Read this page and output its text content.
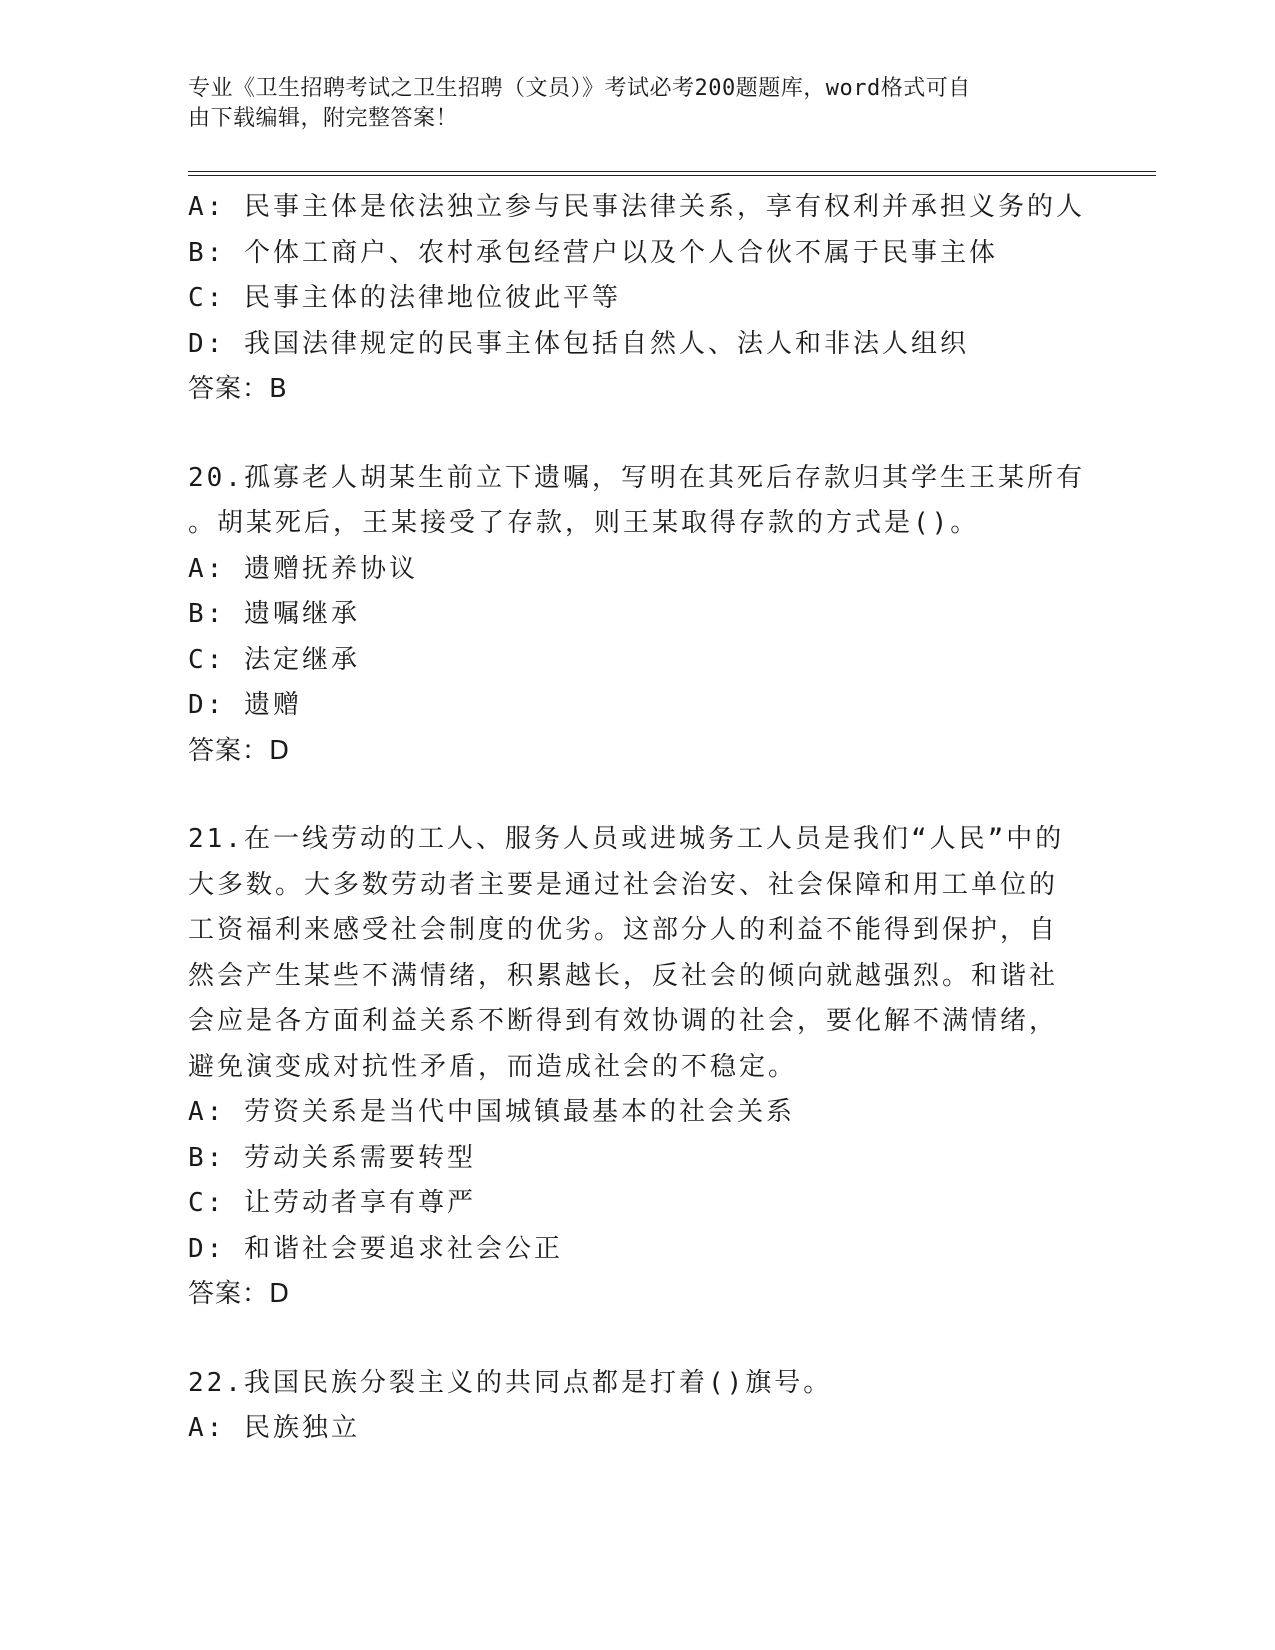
专业《卫生招聘考试之卫生招聘（文员）》考试必考200题题库，word格式可自
由下载编辑，附完整答案！
A: 民事主体是依法独立参与民事法律关系，享有权利并承担义务的人
B: 个体工商户、农村承包经营户以及个人合伙不属于民事主体
C: 民事主体的法律地位彼此平等
D: 我国法律规定的民事主体包括自然人、法人和非法人组织
答案：B
20.孤寡老人胡某生前立下遗嘱，写明在其死后存款归其学生王某所有
。胡某死后，王某接受了存款，则王某取得存款的方式是()。
A: 遗赠抚养协议
B: 遗嘱继承
C: 法定继承
D: 遗赠
答案：D
21.在一线劳动的工人、服务人员或进城务工人员是我们“人民”中的
大多数。大多数劳动者主要是通过社会治安、社会保障和用工单位的
工资福利来感受社会制度的优劣。这部分人的利益不能得到保护，自
然会产生某些不满情绪，积累越长，反社会的倾向就越强烈。和谐社
会应是各方面利益关系不断得到有效协调的社会，要化解不满情绪，
避免演变成对抗性矛盾，而造成社会的不稳定。
A: 劳资关系是当代中国城镇最基本的社会关系
B: 劳动关系需要转型
C: 让劳动者享有尊严
D: 和谐社会要追求社会公正
答案：D
22.我国民族分裂主义的共同点都是打着()旗号。
A: 民族独立
